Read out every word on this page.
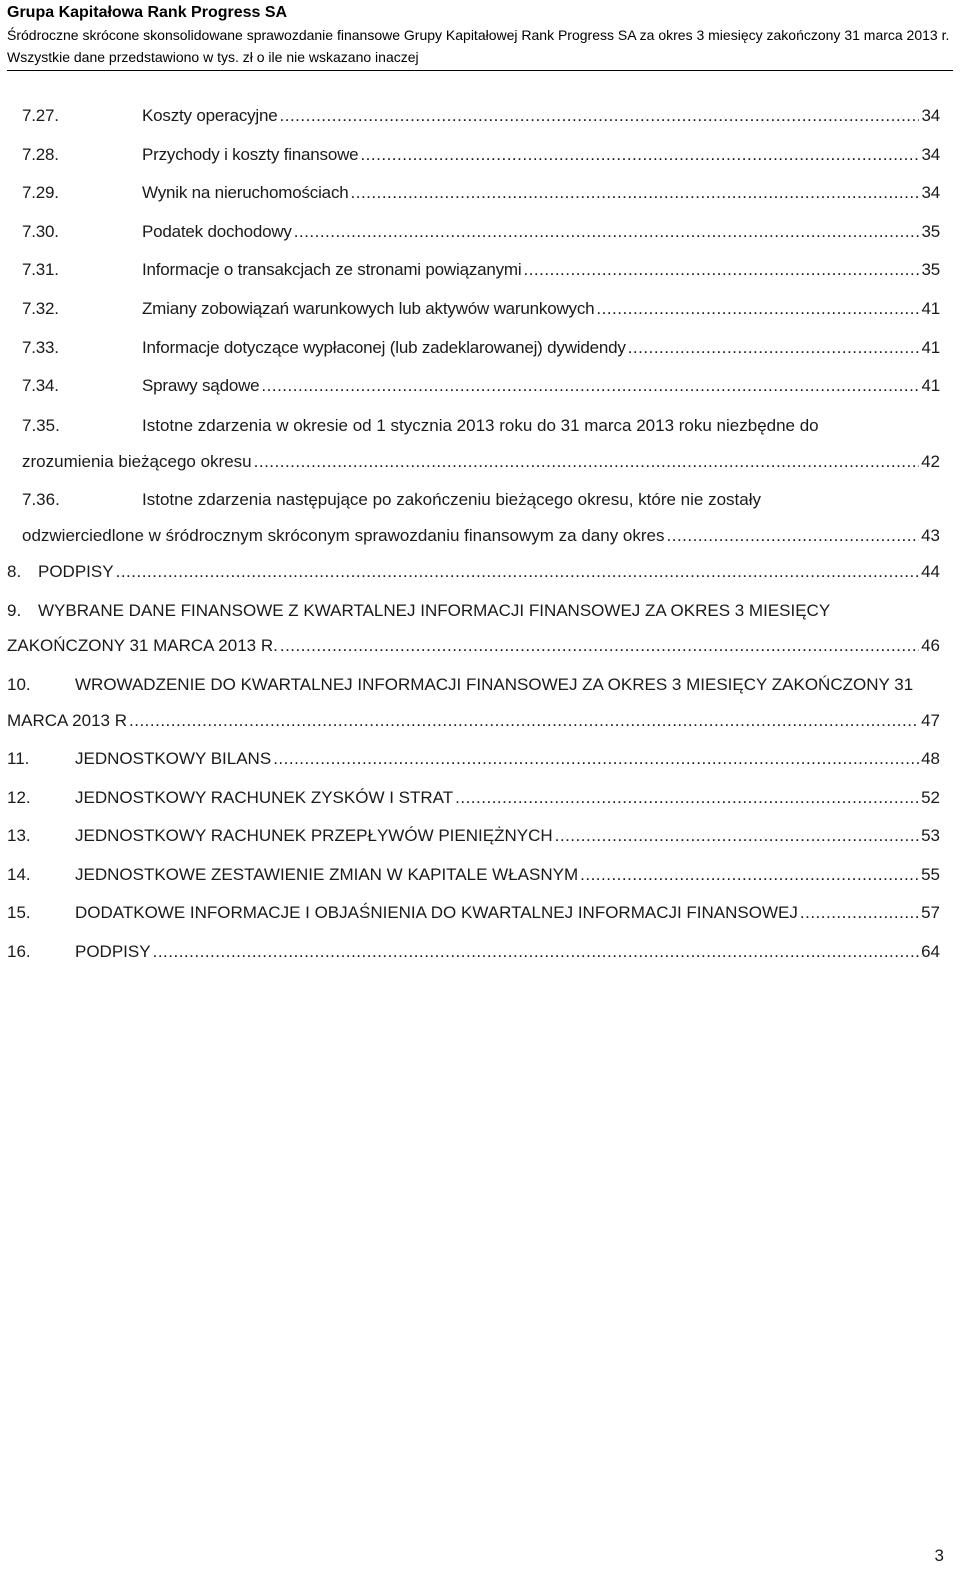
Grupa Kapitałowa Rank Progress SA
Śródroczne skrócone skonsolidowane sprawozdanie finansowe Grupy Kapitałowej Rank Progress SA za okres 3 miesięcy zakończony 31 marca 2013 r.
Wszystkie dane przedstawiono w tys. zł o ile nie wskazano inaczej
7.27.	Koszty operacyjne .....	34
7.28.	Przychody i koszty finansowe .....	34
7.29.	Wynik na nieruchomościach .....	34
7.30.	Podatek dochodowy .....	35
7.31.	Informacje o transakcjach ze stronami powiązanymi .....	35
7.32.	Zmiany zobowiązań warunkowych lub aktywów warunkowych .....	41
7.33.	Informacje dotyczące wypłaconej (lub zadeklarowanej) dywidendy .....	41
7.34.	Sprawy sądowe .....	41
7.35.	Istotne zdarzenia w okresie od 1 stycznia 2013 roku do 31 marca 2013 roku niezbędne do
zrozumienia bieżącego okresu .....	42
7.36.	Istotne zdarzenia następujące po zakończeniu bieżącego okresu, które nie zostały
odzwierciedlone w śródrocznym skróconym sprawozdaniu finansowym za dany okres .....	43
8. PODPISY .....	44
9. WYBRANE DANE FINANSOWE Z KWARTALNEJ INFORMACJI FINANSOWEJ ZA OKRES 3 MIESIĘCY
ZAKOŃCZONY 31 MARCA 2013 R. .....	46
10.	WROWADZENIE DO KWARTALNEJ INFORMACJI FINANSOWEJ ZA OKRES 3 MIESIĘCY ZAKOŃCZONY 31
MARCA 2013 R .....	47
11.	JEDNOSTKOWY BILANS .....	48
12.	JEDNOSTKOWY RACHUNEK ZYSKÓW I STRAT .....	52
13.	JEDNOSTKOWY RACHUNEK PRZEPŁYWÓW PIENIĘŻNYCH .....	53
14.	JEDNOSTKOWE ZESTAWIENIE ZMIAN W KAPITALE WŁASNYM .....	55
15.	DODATKOWE INFORMACJE I OBJAŚNIENIA DO KWARTALNEJ INFORMACJI FINANSOWEJ .....	57
16.	PODPISY .....	64
3
